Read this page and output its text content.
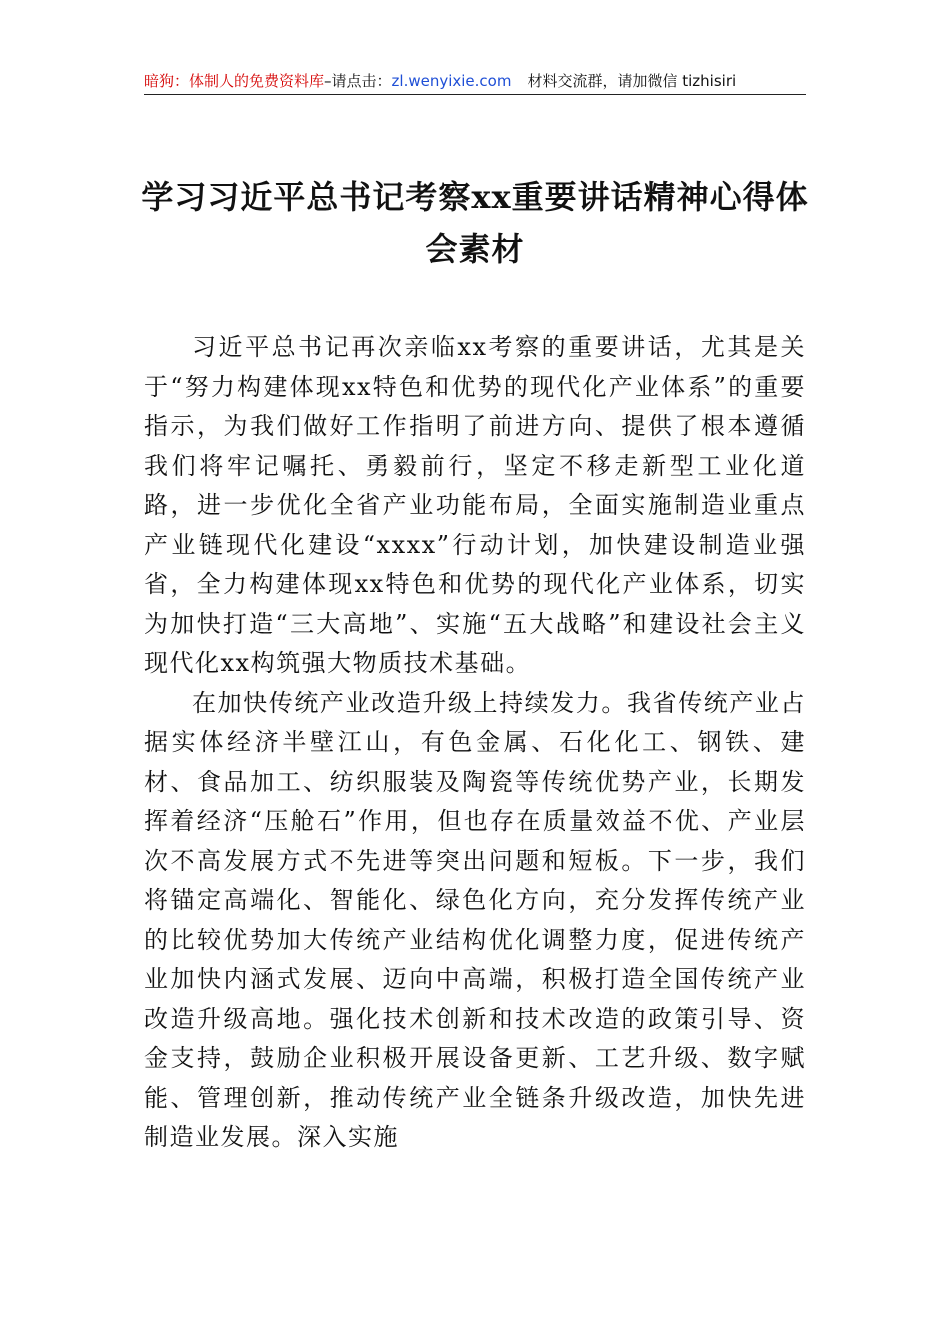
暗狗：体制人的免费资料库–请点击：zl.wenyixie.com 材料交流群，请加微信 tizhisiri
学习习近平总书记考察xx重要讲话精神心得体会素材

习近平总书记再次亲临xx考察的重要讲话，尤其是关于“努力构建体现xx特色和优势的现代化产业体系”的重要指示，为我们做好工作指明了前进方向、提供了根本遵循我们将牢记嘱托、勇毅前行，坚定不移走新型工业化道路，进一步优化全省产业功能布局，全面实施制造业重点产业链现代化建设“xxxx”行动计划，加快建设制造业强省，全力构建体现xx特色和优势的现代化产业体系，切实为加快打造“三大高地”、实施“五大战略”和建设社会主义现代化xx构筑强大物质技术基础。

在加快传统产业改造升级上持续发力。我省传统产业占据实体经济半壁江山，有色金属、石化化工、钢铁、建材、食品加工、纺织服装及陶瓷等传统优势产业，长期发挥着经济“压舱石”作用，但也存在质量效益不优、产业层次不高发展方式不先进等突出问题和短板。下一步，我们将锚定高端化、智能化、绿色化方向，充分发挥传统产业的比较优势加大传统产业结构优化调整力度，促进传统产业加快内涵式发展、迈向中高端，积极打造全国传统产业改造升级高地。强化技术创新和技术改造的政策引导、资金支持，鼓励企业积极开展设备更新、工艺升级、数字赋能、管理创新，推动传统产业全链条升级改造，加快先进制造业发展。深入实施
